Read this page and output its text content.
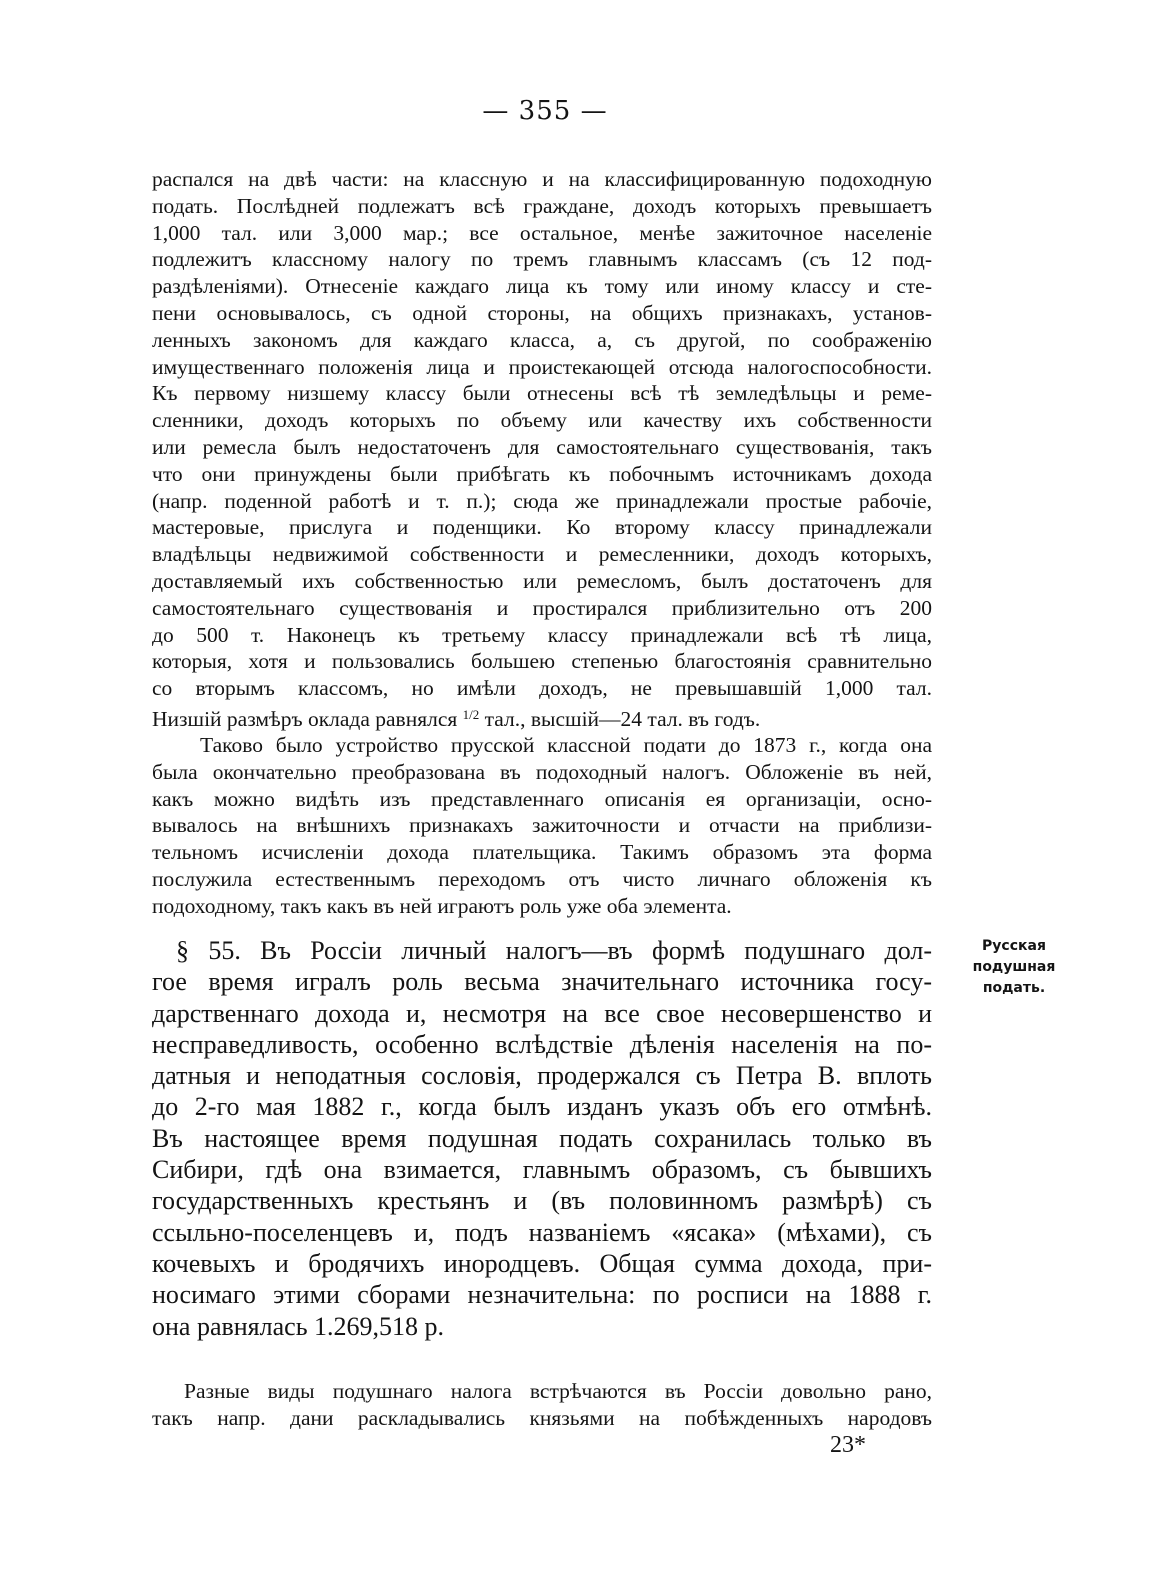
— 355 —
распался на двѣ части: на классную и на классифицированную подоходную
подать. Послѣдней подлежатъ всѣ граждане, доходъ которыхъ превышаетъ
1,000 тал. или 3,000 мар.; все остальное, менѣе зажиточное населеніе
подлежитъ классному налогу по тремъ главнымъ классамъ (съ 12 под-
раздѣленіями). Отнесеніе каждаго лица къ тому или иному классу и сте-
пени основывалось, съ одной стороны, на общихъ признакахъ, установ-
ленныхъ закономъ для каждаго класса, а, съ другой, по соображенію
имущественнаго положенія лица и проистекающей отсюда налогоспособности.
Къ первому низшему классу были отнесены всѣ тѣ земледѣльцы и реме-
сленники, доходъ которыхъ по объему или качеству ихъ собственности
или ремесла былъ недостаточенъ для самостоятельнаго существованія, такъ
что они принуждены были прибѣгать къ побочнымъ источникамъ дохода
(напр. поденной работѣ и т. п.); сюда же принадлежали простые рабочіе,
мастеровые, прислуга и поденщики. Ко второму классу принадлежали
владѣльцы недвижимой собственности и ремесленники, доходъ которыхъ,
доставляемый ихъ собственностью или ремесломъ, былъ достаточенъ для
самостоятельнаго существованія и простирался приблизительно отъ 200
до 500 т. Наконецъ къ третьему классу принадлежали всѣ тѣ лица,
которыя, хотя и пользовались большею степенью благостоянія сравнительно
со вторымъ классомъ, но имѣли доходъ, не превышавшій 1,000 тал.
Низшій размѣръ оклада равнялся $^{1/2}$ тал., высшій—24 тал. въ годъ.
Таково было устройство прусской классной подати до 1873 г., когда она
была окончательно преобразована въ подоходный налогъ. Обложеніе въ ней,
какъ можно видѣть изъ представленнаго описанія ея организаціи, осно-
вывалось на внѣшнихъ признакахъ зажиточности и отчасти на приблизи-
тельномъ исчисленіи дохода плательщика. Такимъ образомъ эта форма
послужила естественнымъ переходомъ отъ чисто личнаго обложенія къ
подоходному, такъ какъ въ ней играютъ роль уже оба элемента.
§ 55. Въ Россіи личный налогъ—въ формѣ подушнаго дол-
гое время игралъ роль весьма значительнаго источника госу-
дарственнаго дохода и, несмотря на все свое несовершенство и
несправедливость, особенно вслѣдствіе дѣленія населенія на по-
датныя и неподатныя сословія, продержался съ Петра В. вплоть
до 2-го мая 1882 г., когда былъ изданъ указъ объ его отмѣнѣ.
Въ настоящее время подушная подать сохранилась только въ
Сибири, гдѣ она взимается, главнымъ образомъ, съ бывшихъ
государственныхъ крестьянъ и (въ половинномъ размѣрѣ) съ
ссыльно-поселенцевъ и, подъ названіемъ «ясака» (мѣхами), съ
кочевыхъ и бродячихъ инородцевъ. Общая сумма дохода, при-
носимаго этими сборами незначительна: по росписи на 1888 г.
она равнялась 1.269,518 р.
Русская
подушная
подать.
Разные виды подушнаго налога встрѣчаются въ Россіи довольно рано,
такъ напр. дани раскладывались князьями на побѣжденныхъ народовъ
23*
